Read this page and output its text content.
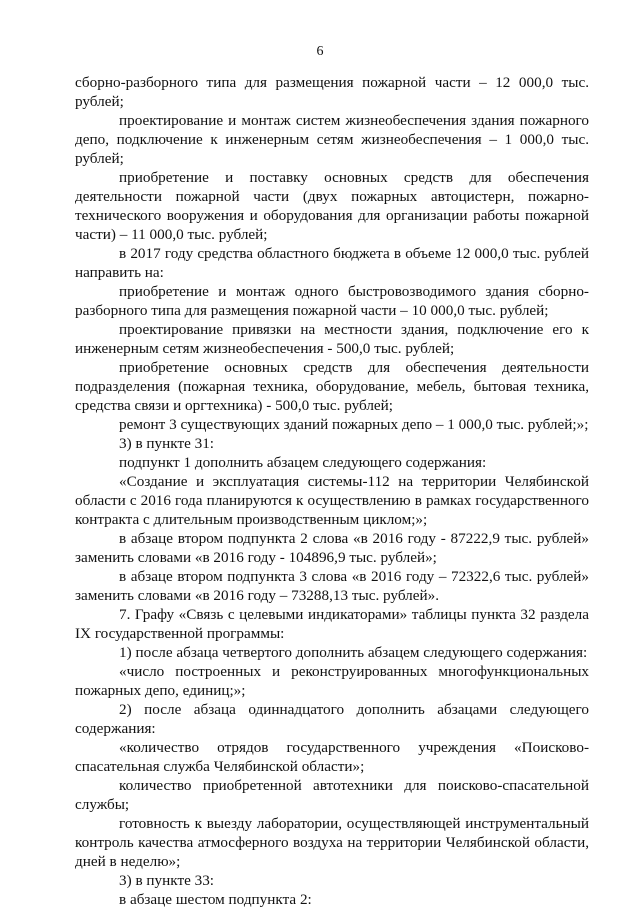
6

сборно-разборного типа для размещения пожарной части – 12 000,0 тыс. рублей;

проектирование и монтаж систем жизнеобеспечения здания пожарного депо, подключение к инженерным сетям жизнеобеспечения – 1 000,0 тыс. рублей;

приобретение и поставку основных средств для обеспечения деятельности пожарной части (двух пожарных автоцистерн, пожарно-технического вооружения и оборудования для организации работы пожарной части) – 11 000,0 тыс. рублей;

в 2017 году средства областного бюджета в объеме 12 000,0 тыс. рублей направить на:

приобретение и монтаж одного быстровозводимого здания сборно-разборного типа для размещения пожарной части – 10 000,0 тыс. рублей;

проектирование привязки на местности здания, подключение его к инженерным сетям жизнеобеспечения - 500,0 тыс. рублей;

приобретение основных средств для обеспечения деятельности подразделения (пожарная техника, оборудование, мебель, бытовая техника, средства связи и оргтехника) - 500,0 тыс. рублей;

ремонт 3 существующих зданий пожарных депо – 1 000,0 тыс. рублей;»;

3) в пункте 31:

подпункт 1 дополнить абзацем следующего содержания:

«Создание и эксплуатация системы-112 на территории Челябинской области с 2016 года планируются к осуществлению в рамках государственного контракта с длительным производственным циклом;»;

в абзаце втором подпункта 2 слова «в 2016 году - 87222,9 тыс. рублей» заменить словами «в 2016 году - 104896,9 тыс. рублей»;

в абзаце втором подпункта 3 слова «в 2016 году – 72322,6 тыс. рублей» заменить словами «в 2016 году – 73288,13 тыс. рублей».

7. Графу «Связь с целевыми индикаторами» таблицы пункта 32 раздела IX государственной программы:

1) после абзаца четвертого дополнить абзацем следующего содержания:

«число построенных и реконструированных многофункциональных пожарных депо, единиц;»;

2) после абзаца одиннадцатого дополнить абзацами следующего содержания:

«количество отрядов государственного учреждения «Поисково-спасательная служба Челябинской области»;

количество приобретенной автотехники для поисково-спасательной службы;

готовность к выезду лаборатории, осуществляющей инструментальный контроль качества атмосферного воздуха на территории Челябинской области, дней в неделю»;

3) в пункте 33:

в абзаце шестом подпункта 2:
